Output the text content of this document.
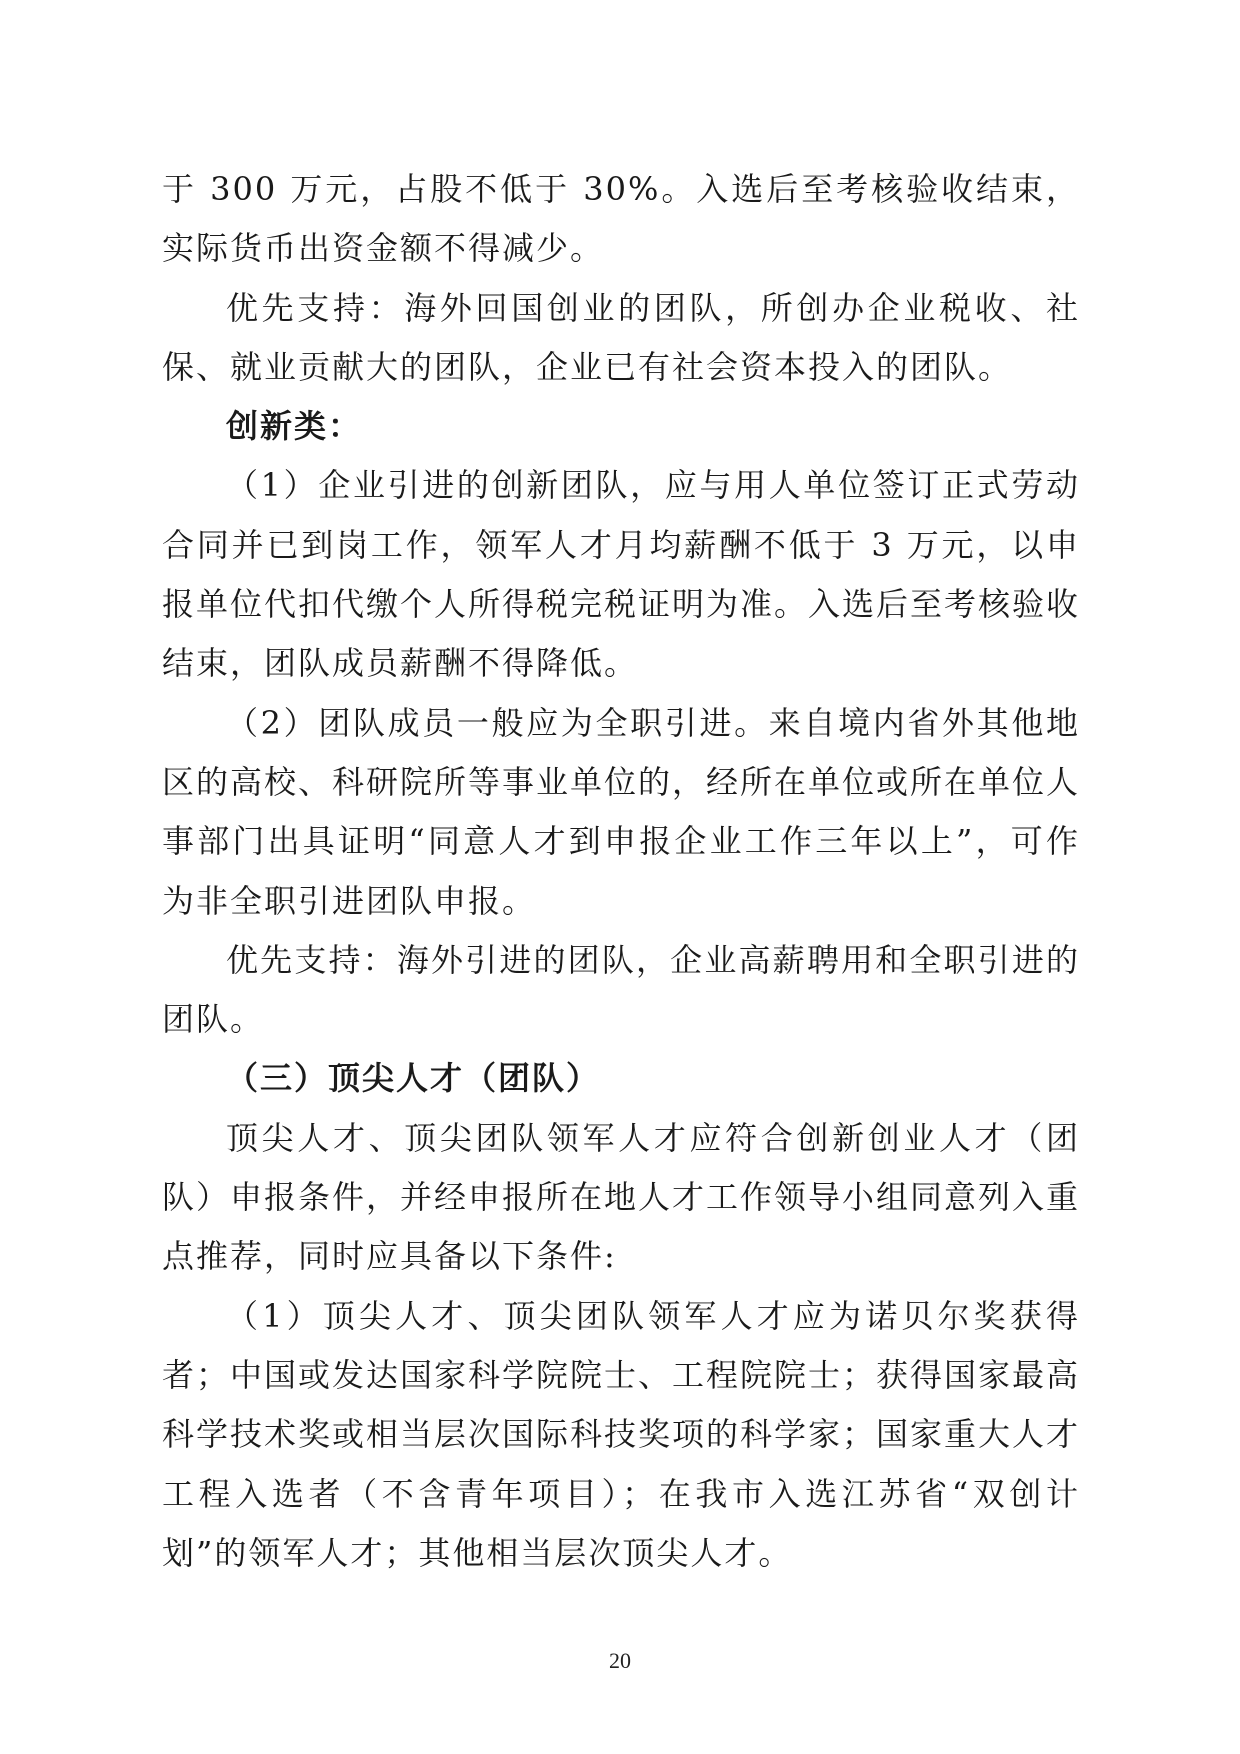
于 300 万元，占股不低于 30%。入选后至考核验收结束，实际货币出资金额不得减少。

优先支持：海外回国创业的团队，所创办企业税收、社保、就业贡献大的团队，企业已有社会资本投入的团队。

创新类：

（1）企业引进的创新团队，应与用人单位签订正式劳动合同并已到岗工作，领军人才月均薪酬不低于 3 万元，以申报单位代扣代缴个人所得税完税证明为准。入选后至考核验收结束，团队成员薪酬不得降低。

（2）团队成员一般应为全职引进。来自境内省外其他地区的高校、科研院所等事业单位的，经所在单位或所在单位人事部门出具证明“同意人才到申报企业工作三年以上”，可作为非全职引进团队申报。

优先支持：海外引进的团队，企业高薪聘用和全职引进的团队。

（三）顶尖人才（团队）

顶尖人才、顶尖团队领军人才应符合创新创业人才（团队）申报条件，并经申报所在地人才工作领导小组同意列入重点推荐，同时应具备以下条件:

（1）顶尖人才、顶尖团队领军人才应为诺贝尔奖获得者；中国或发达国家科学院院士、工程院院士；获得国家最高科学技术奖或相当层次国际科技奖项的科学家；国家重大人才工程入选者（不含青年项目）；在我市入选江苏省“双创计划”的领军人才；其他相当层次顶尖人才。

20
